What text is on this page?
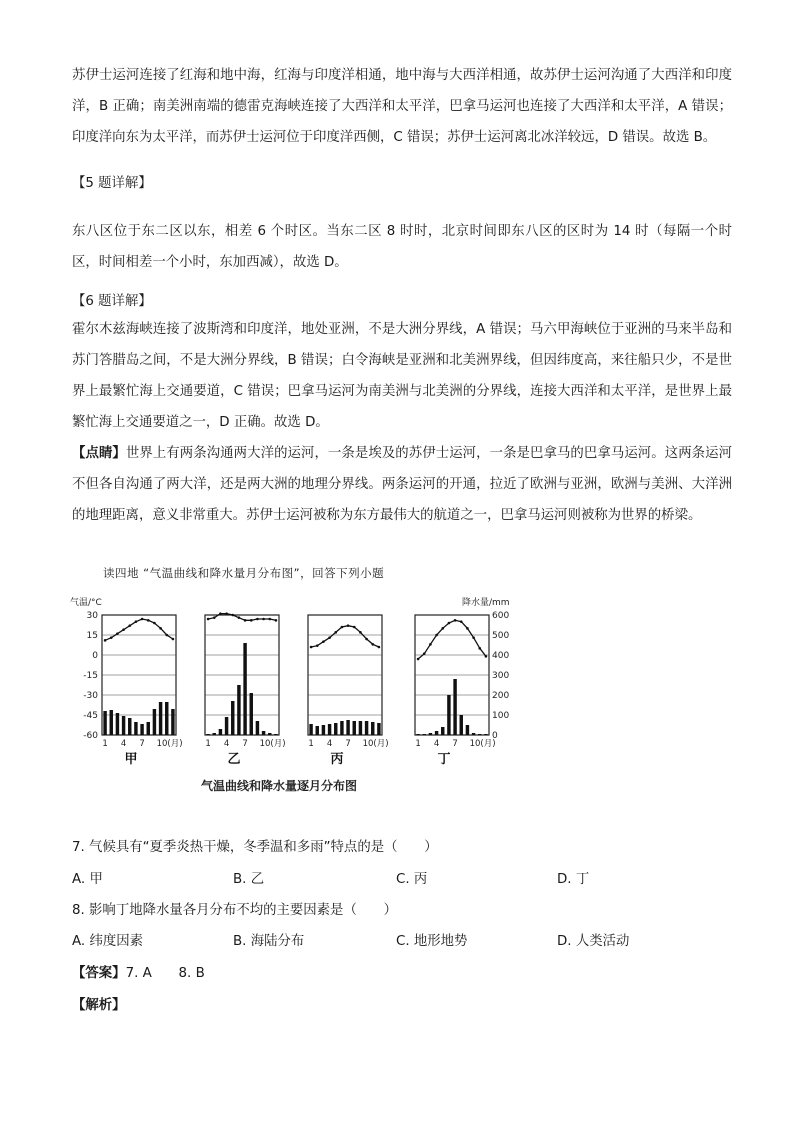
苏伊士运河连接了红海和地中海，红海与印度洋相通，地中海与大西洋相通，故苏伊士运河沟通了大西洋和印度洋，B 正确；南美洲南端的德雷克海峡连接了大西洋和太平洋，巴拿马运河也连接了大西洋和太平洋，A 错误；印度洋向东为太平洋，而苏伊士运河位于印度洋西侧，C 错误；苏伊士运河离北冰洋较远，D 错误。故选 B。
【5 题详解】
东八区位于东二区以东，相差 6 个时区。当东二区 8 时时，北京时间即东八区的区时为 14 时（每隔一个时区，时间相差一个小时，东加西减），故选 D。
【6 题详解】
霍尔木兹海峡连接了波斯湾和印度洋，地处亚洲，不是大洲分界线，A 错误；马六甲海峡位于亚洲的马来半岛和苏门答腊岛之间，不是大洲分界线，B 错误；白令海峡是亚洲和北美洲界线，但因纬度高，来往船只少，不是世界上最繁忙海上交通要道，C 错误；巴拿马运河为南美洲与北美洲的分界线，连接大西洋和太平洋，是世界上最繁忙海上交通要道之一，D 正确。故选 D。
【点睛】世界上有两条沟通两大洋的运河，一条是埃及的苏伊士运河，一条是巴拿马的巴拿马运河。这两条运河不但各自沟通了两大洋，还是两大洲的地理分界线。两条运河的开通，拉近了欧洲与亚洲，欧洲与美洲、大洋洲的地理距离，意义非常重大。苏伊士运河被称为东方最伟大的航道之一，巴拿马运河则被称为世界的桥梁。
读四地 “气温曲线和降水量月分布图”，回答下列小题
气温/°C	降水量/mm
30
15
0
-15
-30
-45
-60
600
500
400
300
200
100
0
1 4 7 10(月)
甲
1 4 7 10(月)
乙
1 4 7 10(月)
丙
1 4 7 10(月)
丁
气温曲线和降水量逐月分布图
7. 气候具有“夏季炎热干燥，冬季温和多雨”特点的是（　　）
A. 甲	B. 乙	C. 丙	D. 丁
8. 影响丁地降水量各月分布不均的主要因素是（　　）
A. 纬度因素	B. 海陆分布	C. 地形地势	D. 人类活动
【答案】7. A　　8. B
【解析】
